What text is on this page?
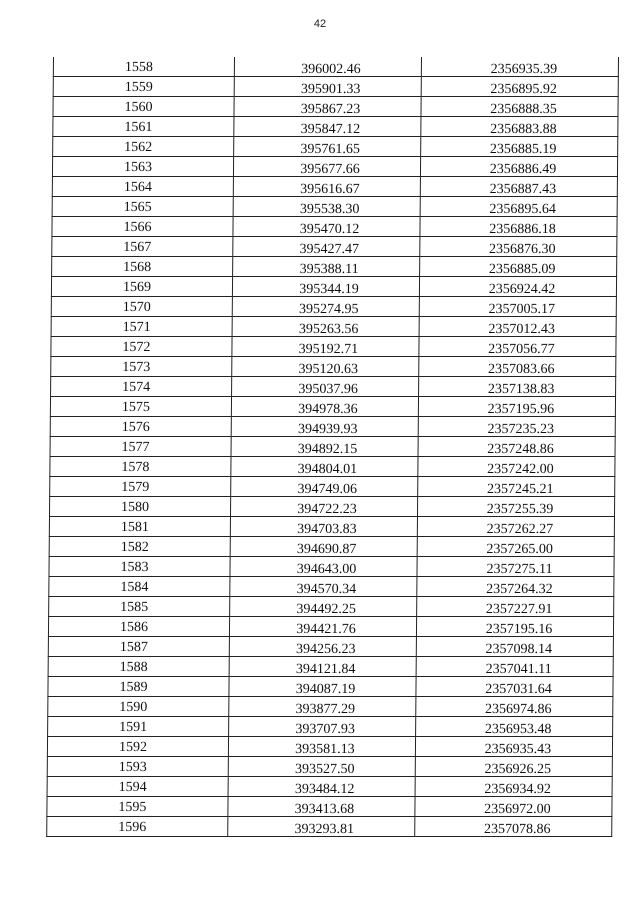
42
1558	396002.46	2356935.39
1559	395901.33	2356895.92
1560	395867.23	2356888.35
1561	395847.12	2356883.88
1562	395761.65	2356885.19
1563	395677.66	2356886.49
1564	395616.67	2356887.43
1565	395538.30	2356895.64
1566	395470.12	2356886.18
1567	395427.47	2356876.30
1568	395388.11	2356885.09
1569	395344.19	2356924.42
1570	395274.95	2357005.17
1571	395263.56	2357012.43
1572	395192.71	2357056.77
1573	395120.63	2357083.66
1574	395037.96	2357138.83
1575	394978.36	2357195.96
1576	394939.93	2357235.23
1577	394892.15	2357248.86
1578	394804.01	2357242.00
1579	394749.06	2357245.21
1580	394722.23	2357255.39
1581	394703.83	2357262.27
1582	394690.87	2357265.00
1583	394643.00	2357275.11
1584	394570.34	2357264.32
1585	394492.25	2357227.91
1586	394421.76	2357195.16
1587	394256.23	2357098.14
1588	394121.84	2357041.11
1589	394087.19	2357031.64
1590	393877.29	2356974.86
1591	393707.93	2356953.48
1592	393581.13	2356935.43
1593	393527.50	2356926.25
1594	393484.12	2356934.92
1595	393413.68	2356972.00
1596	393293.81	2357078.86
